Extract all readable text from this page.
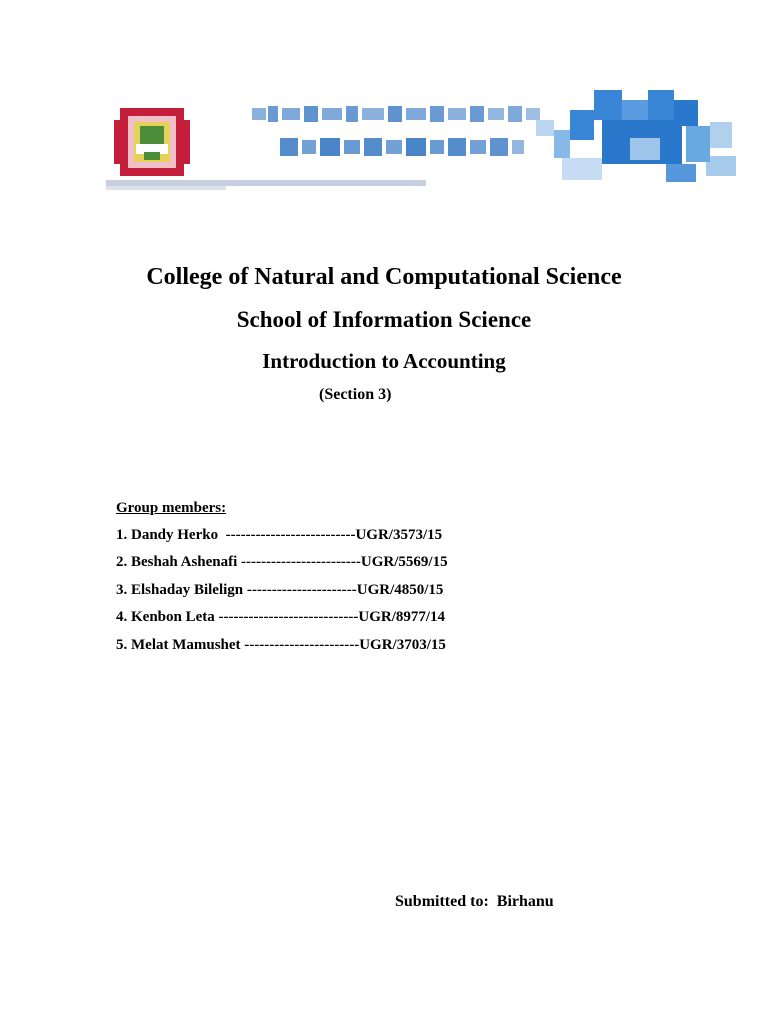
College of Natural and Computational Science
School of Information Science
Introduction to Accounting
(Section 3)
Group members:
1. Dandy Herko  --------------------------UGR/3573/15
2. Beshah Ashenafi ------------------------UGR/5569/15
3. Elshaday Bilelign ----------------------UGR/4850/15
4. Kenbon Leta ----------------------------UGR/8977/14
5. Melat Mamushet -----------------------UGR/3703/15
Submitted to:  Birhanu
